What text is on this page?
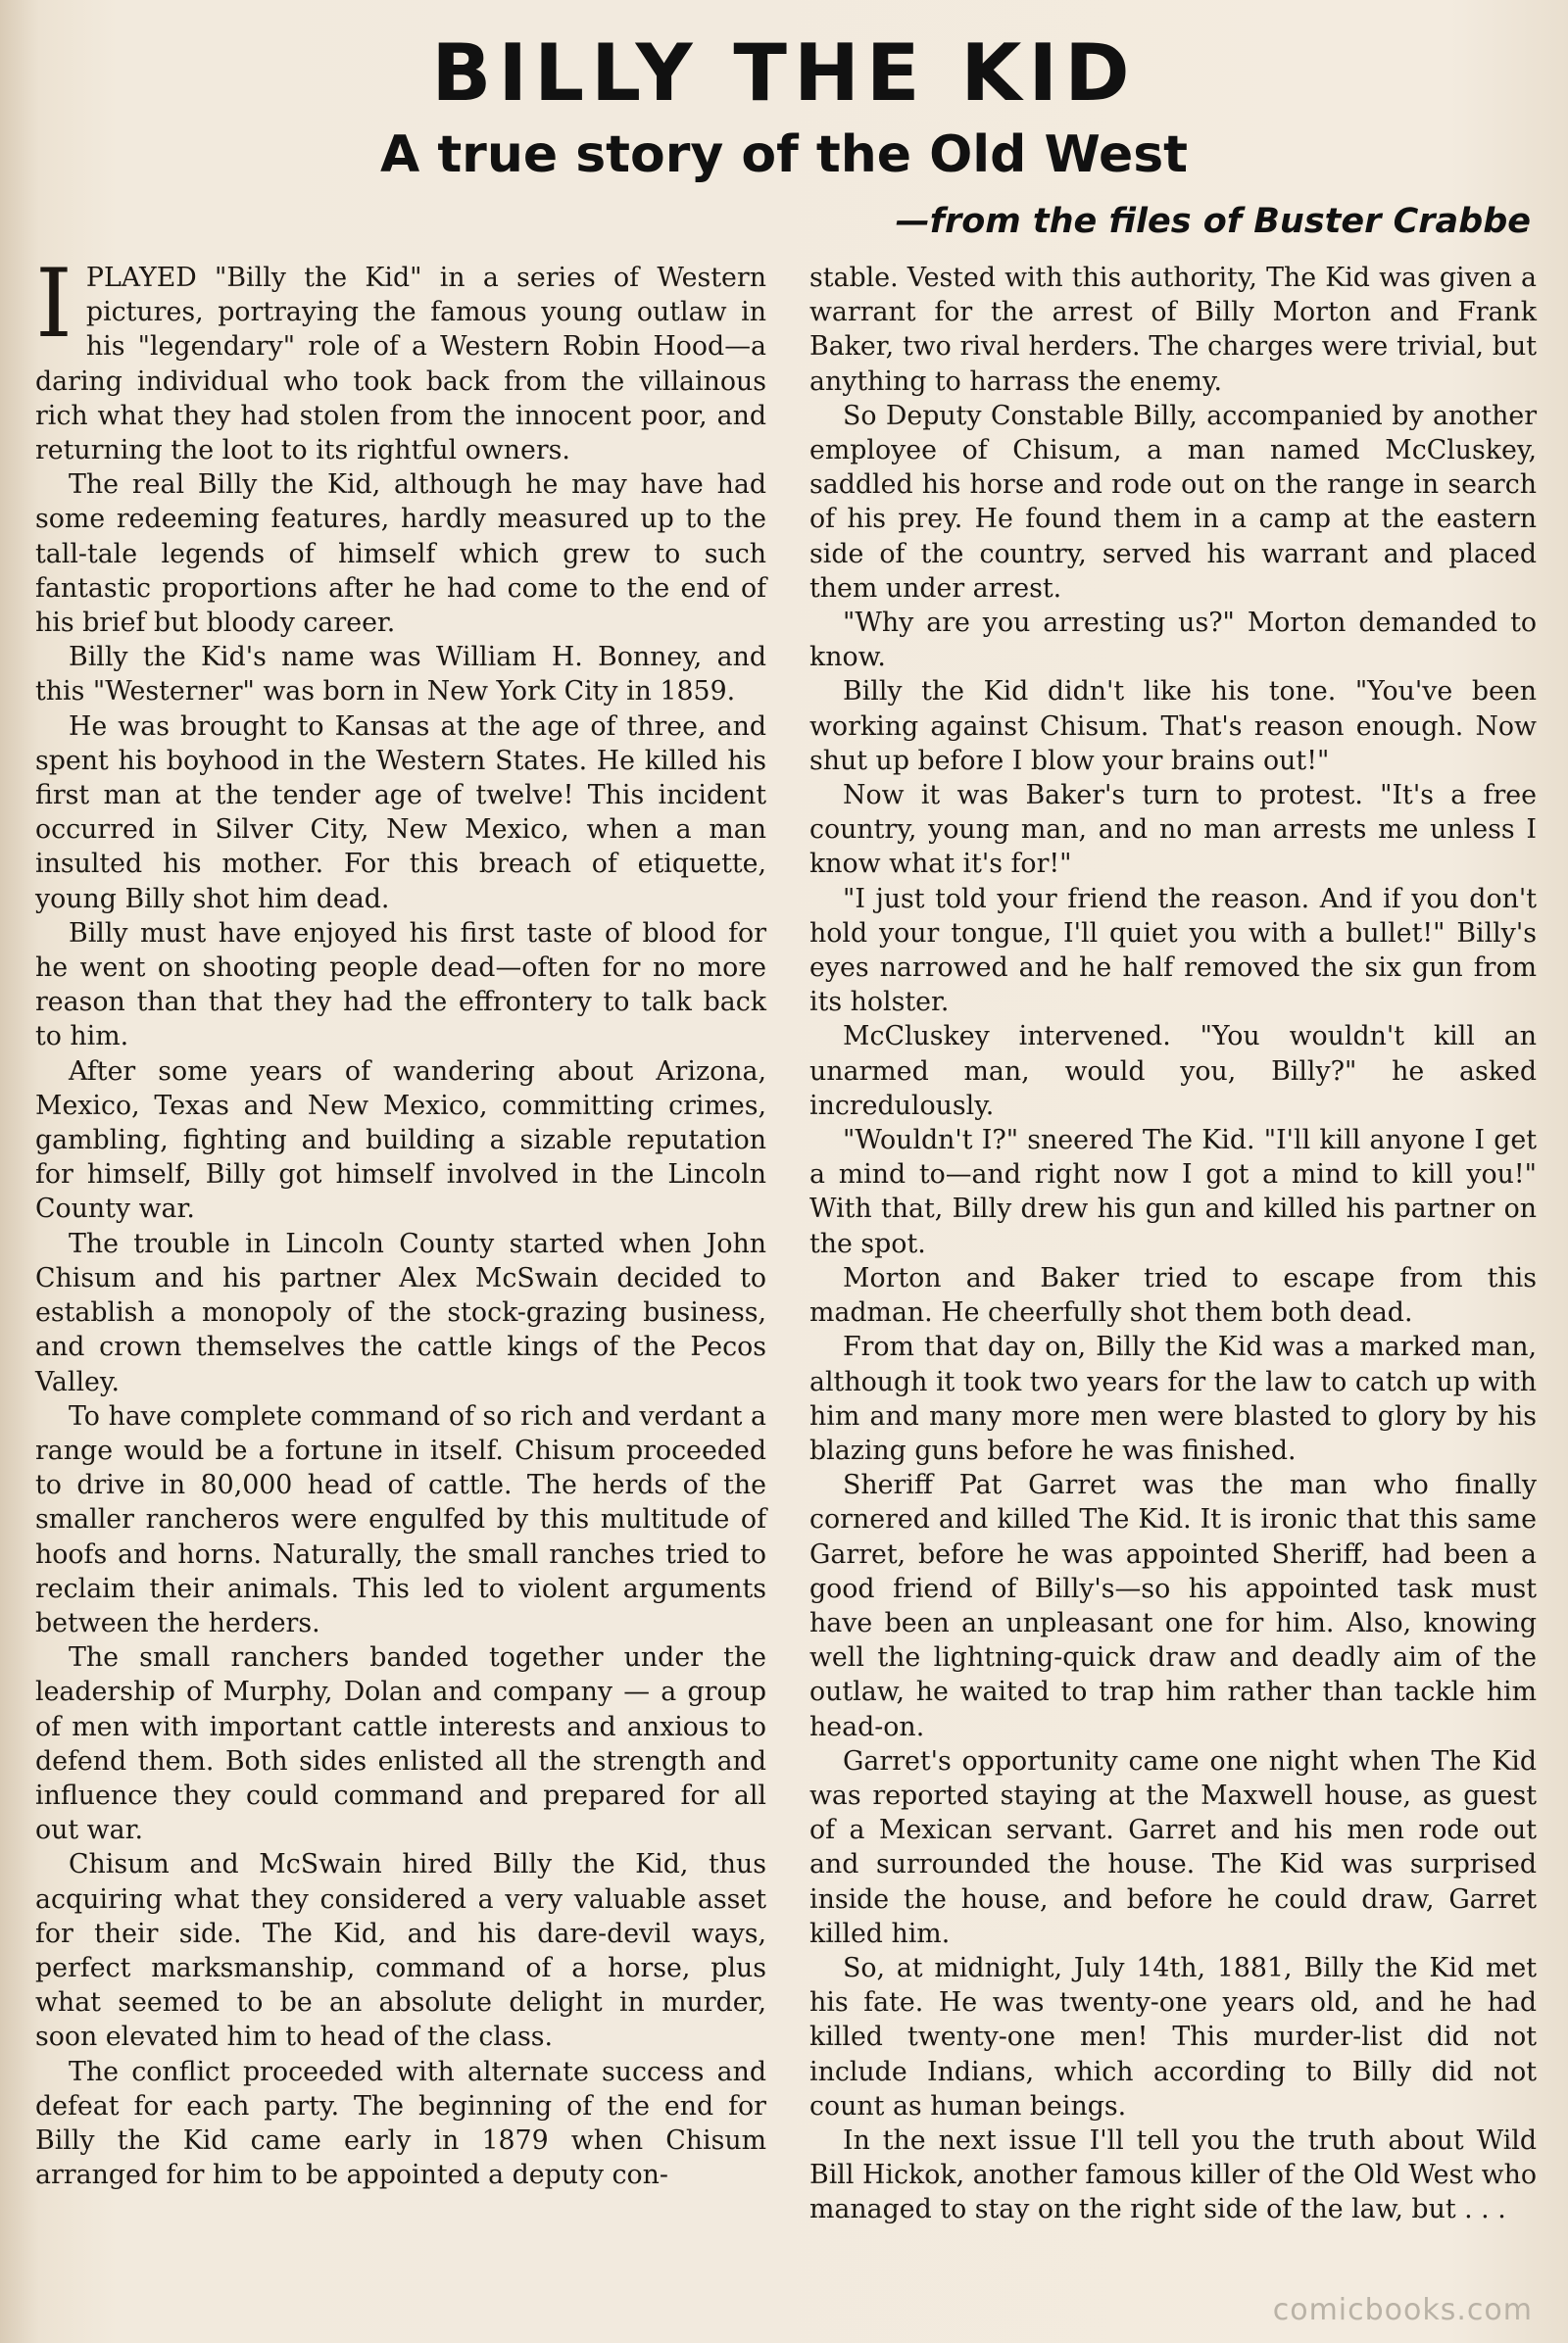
BILLY THE KID
A true story of the Old West
—from the files of Buster Crabbe

I PLAYED "Billy the Kid" in a series of Western pictures, portraying the famous young outlaw in his "legendary" role of a Western Robin Hood—a daring individual who took back from the villainous rich what they had stolen from the innocent poor, and returning the loot to its rightful owners.

The real Billy the Kid, although he may have had some redeeming features, hardly measured up to the tall-tale legends of himself which grew to such fantastic proportions after he had come to the end of his brief but bloody career.

Billy the Kid's name was William H. Bonney, and this "Westerner" was born in New York City in 1859.

He was brought to Kansas at the age of three, and spent his boyhood in the Western States. He killed his first man at the tender age of twelve! This incident occurred in Silver City, New Mexico, when a man insulted his mother. For this breach of etiquette, young Billy shot him dead.

Billy must have enjoyed his first taste of blood for he went on shooting people dead—often for no more reason than that they had the effrontery to talk back to him.

After some years of wandering about Arizona, Mexico, Texas and New Mexico, committing crimes, gambling, fighting and building a sizable reputation for himself, Billy got himself involved in the Lincoln County war.

The trouble in Lincoln County started when John Chisum and his partner Alex McSwain decided to establish a monopoly of the stock-grazing business, and crown themselves the cattle kings of the Pecos Valley.

To have complete command of so rich and verdant a range would be a fortune in itself. Chisum proceeded to drive in 80,000 head of cattle. The herds of the smaller rancheros were engulfed by this multitude of hoofs and horns. Naturally, the small ranches tried to reclaim their animals. This led to violent arguments between the herders.

The small ranchers banded together under the leadership of Murphy, Dolan and company — a group of men with important cattle interests and anxious to defend them. Both sides enlisted all the strength and influence they could command and prepared for all out war.

Chisum and McSwain hired Billy the Kid, thus acquiring what they considered a very valuable asset for their side. The Kid, and his dare-devil ways, perfect marksmanship, command of a horse, plus what seemed to be an absolute delight in murder, soon elevated him to head of the class.

The conflict proceeded with alternate success and defeat for each party. The beginning of the end for Billy the Kid came early in 1879 when Chisum arranged for him to be appointed a deputy con-

stable. Vested with this authority, The Kid was given a warrant for the arrest of Billy Morton and Frank Baker, two rival herders. The charges were trivial, but anything to harrass the enemy.

So Deputy Constable Billy, accompanied by another employee of Chisum, a man named McCluskey, saddled his horse and rode out on the range in search of his prey. He found them in a camp at the eastern side of the country, served his warrant and placed them under arrest.

"Why are you arresting us?" Morton demanded to know.

Billy the Kid didn't like his tone. "You've been working against Chisum. That's reason enough. Now shut up before I blow your brains out!"

Now it was Baker's turn to protest. "It's a free country, young man, and no man arrests me unless I know what it's for!"

"I just told your friend the reason. And if you don't hold your tongue, I'll quiet you with a bullet!" Billy's eyes narrowed and he half removed the six gun from its holster.

McCluskey intervened. "You wouldn't kill an unarmed man, would you, Billy?" he asked incredulously.

"Wouldn't I?" sneered The Kid. "I'll kill anyone I get a mind to—and right now I got a mind to kill you!" With that, Billy drew his gun and killed his partner on the spot.

Morton and Baker tried to escape from this madman. He cheerfully shot them both dead.

From that day on, Billy the Kid was a marked man, although it took two years for the law to catch up with him and many more men were blasted to glory by his blazing guns before he was finished.

Sheriff Pat Garret was the man who finally cornered and killed The Kid. It is ironic that this same Garret, before he was appointed Sheriff, had been a good friend of Billy's—so his appointed task must have been an unpleasant one for him. Also, knowing well the lightning-quick draw and deadly aim of the outlaw, he waited to trap him rather than tackle him head-on.

Garret's opportunity came one night when The Kid was reported staying at the Maxwell house, as guest of a Mexican servant. Garret and his men rode out and surrounded the house. The Kid was surprised inside the house, and before he could draw, Garret killed him.

So, at midnight, July 14th, 1881, Billy the Kid met his fate. He was twenty-one years old, and he had killed twenty-one men! This murder-list did not include Indians, which according to Billy did not count as human beings.

In the next issue I'll tell you the truth about Wild Bill Hickok, another famous killer of the Old West who managed to stay on the right side of the law, but . . .

comicbooks.com
